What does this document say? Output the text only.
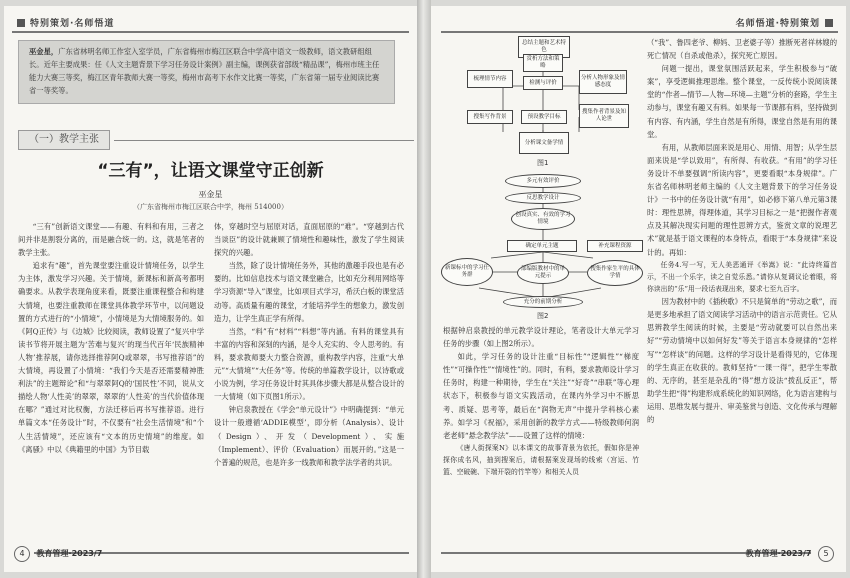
特别策划·名师悟道
巫金星，广东省林明名师工作室入室学员，广东省梅州市梅江区联合中学高中语文一级教师，语文教研组组长。近年主要成果：任《人文主题背景下学习任务设计案例》副主编，课例获省部级“精品课”，梅州市班主任能力大赛三等奖，梅江区青年教师大赛一等奖，梅州市高考下水作文比赛一等奖，广东省第一届专业阅读比赛省一等奖等。
（一）教学主张
“三有”，让语文课堂守正创新
巫金星
（广东省梅州市梅江区联合中学，梅州 514000）

“三有”创新语文课堂——有趣、有料和有用，三者之间并非是割裂分离的，而是融合统一的。这，就是笔者的教学主张。

追求有“趣”，首先课堂要注重设计情境任务，以学生为主体，激发学习兴趣。关于情境，新课标和新高考都明确要求。从教学表现角度来看，既要注重课程整合和构建大情境，也要注重教师在课堂具体教学环节中，以问题设置的方式进行的“小情境”，小情境是为大情境服务的。如《阿Q正传》与《边城》比较阅读，教师设置了“复兴中学读书节将开展主题为‘苦难与复兴’的现当代百年‘民族精神人物’推荐展，请你选择推荐阿Q或翠翠，书写推荐语”的大情境，再设置了小情境：“我们今天是否还需要精神胜利法”的主题辩论”和“与翠翠阿Q的‘国民性’不同，说从文描绘人物‘人性美’的翠翠，翠翠的‘人性美’的当代价值体现在哪？”通过对比权衡，方法迁移后再书写推荐语。进行单篇文本“任务设计”时，不仅要有“社会生活情境”和“个人生活情境”，还应该有“文本的历史情境”的维度。如《离骚》中以《典籍里的中国》为节目载

体，穿越时空与屈原对话，直面屈原的“难”。“穿越到古代当谈臣”的设计就兼顾了情境性和趣味性，激发了学生阅读探究的兴趣。

当然，除了设计情境任务外，其他的激趣手段也是有必要的。比如信息技术与语文课堂融合，比如充分利用网络等学习资源“导入”课堂，比如项目式学习，希沃白板的课堂活动等。高质量有趣的课堂，才能培养学生的想象力，激发创造力，让学生真正学有所得。

当然，“料”有“材料”“料想”等内涵。有料的课堂具有丰富的内容和深刻的内涵，是令人充实的、令人思考的。有料，要求教师要大力整合资源，重构教学内容，注重“大单元”“大情境”“大任务”等。传统的单篇教学设计，以诗歌或小说为例，学习任务设计时其具体步骤大都是从整合设计的一大情境（如下页图1所示）。

钟启泉教授在《学会“单元设计”》中明确提到：“单元设计一般遵循‘ADDIE模型’，即分析（Analysis）、设计（Design）、开发（Development）、实施（Implement）、评价（Evaluation）而展开的。”这是一个普遍的规范，也是许多一线教师和教学法学者的共识。

4 教育管理·2023/7
名师悟道·特别策划
总结主题和艺术特色
梳理情节内容
赏析方法和策略
检测与评价
分析人物形象及情感态度
搜集写作背景	预设教学目标
搜集作者背景及知人论世
分析课文备学情
图1
多元有效评价
反思教学设计
创设真实、有效的学习情境
确定单元主题
新课标中的学习任务群
部编版教材中的单元提示
补充课程资源
搜集作家生平的具体学情
充分的前期分析
图2

根据钟启泉教授的单元教学设计理论，笔者设计大单元学习任务的步骤（如上图2所示）。

如此，学习任务的设计注重“目标性”“逻辑性”“梯度性”“可操作性”“情境性”的。同时，有料，要求教师设计学习任务时，构建一种期待，学生在“关注”“好奇”“串联”等心理状态下，积极参与语文实践活动，在课内外学习中不断思考、质疑、思考等，最后在“润物无声”中提升学科核心素养。如学习《祝福》，采用创新的教学方式——特级教师何润老老师“悬念教学法”——设置了这样的情境：

《唐人街探案N》以本课文的故事背景为依托，假如你是神探你成名风，抽到搜案后，请根据案发现场的线索（宫运、竹篮、空破碗、下端开裂的竹竿等）和相关人员

（“我”、鲁四老爷、柳妈、卫老婆子等）推断死者祥林嫂的死亡情况（自杀或他杀），探究死亡原因。

问题一提出，课堂氛围活跃起来，学生积极参与“破案”，享受逻辑推理思维。整个课堂，一反传统小说阅读课堂的“作者—情节—人物—环境—主题”分析的套路，学生主动参与，课堂有趣又有料。如果每一节课都有料，坚持做到有内容、有内涵，学生自然是有所得，课堂自然是有用的课堂。

有用，从教师层面来说是用心、用情、用智；从学生层面来说是“学以致用”，有所得、有收获。“有用”的学习任务设计不单要强调“所读内容”，更要看眼“本身规律”。广东省名师林明老师主编的《人文主题背景下的学习任务设计》一书中的任务设计就“有用”，如必修下第八单元第3课时：理性思辨，得理体道，其学习目标之一是“把握作者观点及其解决现实问题的理性思辨方式，鉴赏文章的说理艺术”就是基于语文课程的本身特点，看眼于“本身规律”来设计的。再如：

任务4.写一写，无人美恶通评《举嵩》说：“此诗终篇首示，不出一个乐字，读之自觉乐悉。”请你从复调议论着眼，将你读出的“乐”用一段话表现出来，要求七至九百字。

因为教材中的《插秧歌》不只是简单的“劳动之歌”，而是更多地承担了语文阅读学习活动中的语言示范责任。它从思辨教学生阅读的时候，主要是“劳动就要可以自然出来好”“劳动情境中以如何好发”等关于语言本身规律的“怎样写”“怎样谈”的问题。这样的学习设计是看得见的，它体现的学生真正在收获的。教师坚持“一课一得”，把学生零散的、无序的，甚至是杂乱的“得”想方设法“拨乱反正”，帮助学生把“得”构建形成系统化的知识网络，化为语言建构与运用、思维发展与提升、审美鉴赏与创造、文化传承与理解的

教育管理·2023/7 5
